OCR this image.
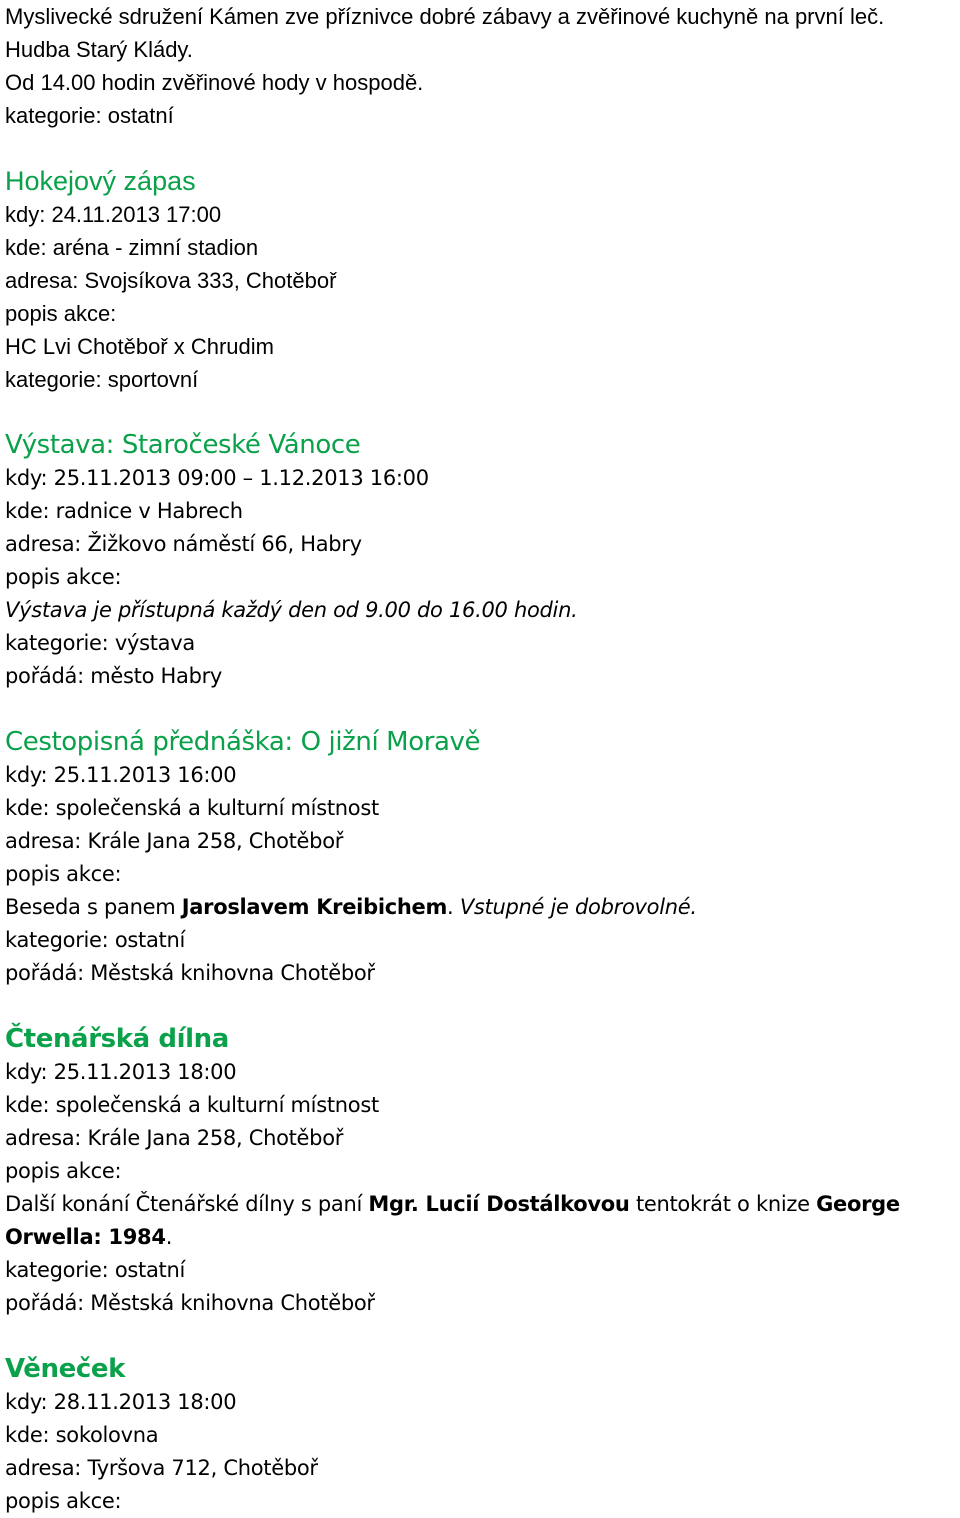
Myslivecké sdružení Kámen zve příznivce dobré zábavy a zvěřinové kuchyně na první leč.
Hudba Starý Klády.
Od 14.00 hodin zvěřinové hody v hospodě.
kategorie: ostatní
Hokejový zápas
kdy: 24.11.2013 17:00
kde: aréna - zimní stadion
adresa: Svojsíkova 333, Chotěboř
popis akce:
HC Lvi Chotěboř x Chrudim
kategorie: sportovní
Výstava: Staročeské Vánoce
kdy: 25.11.2013 09:00 – 1.12.2013 16:00
kde: radnice v Habrech
adresa: Žižkovo náměstí 66, Habry
popis akce:
Výstava je přístupná každý den od 9.00 do 16.00 hodin.
kategorie: výstava
pořádá: město Habry
Cestopisná přednáška: O jižní Moravě
kdy: 25.11.2013 16:00
kde: společenská a kulturní místnost
adresa: Krále Jana 258, Chotěboř
popis akce:
Beseda s panem Jaroslavem Kreibichem. Vstupné je dobrovolné.
kategorie: ostatní
pořádá: Městská knihovna Chotěboř
Čtenářská dílna
kdy: 25.11.2013 18:00
kde: společenská a kulturní místnost
adresa: Krále Jana 258, Chotěboř
popis akce:
Další konání Čtenářské dílny s paní Mgr. Lucií Dostálkovou tentokrát o knize George Orwella: 1984.
kategorie: ostatní
pořádá: Městská knihovna Chotěboř
Věneček
kdy: 28.11.2013 18:00
kde: sokolovna
adresa: Tyršova 712, Chotěboř
popis akce:
